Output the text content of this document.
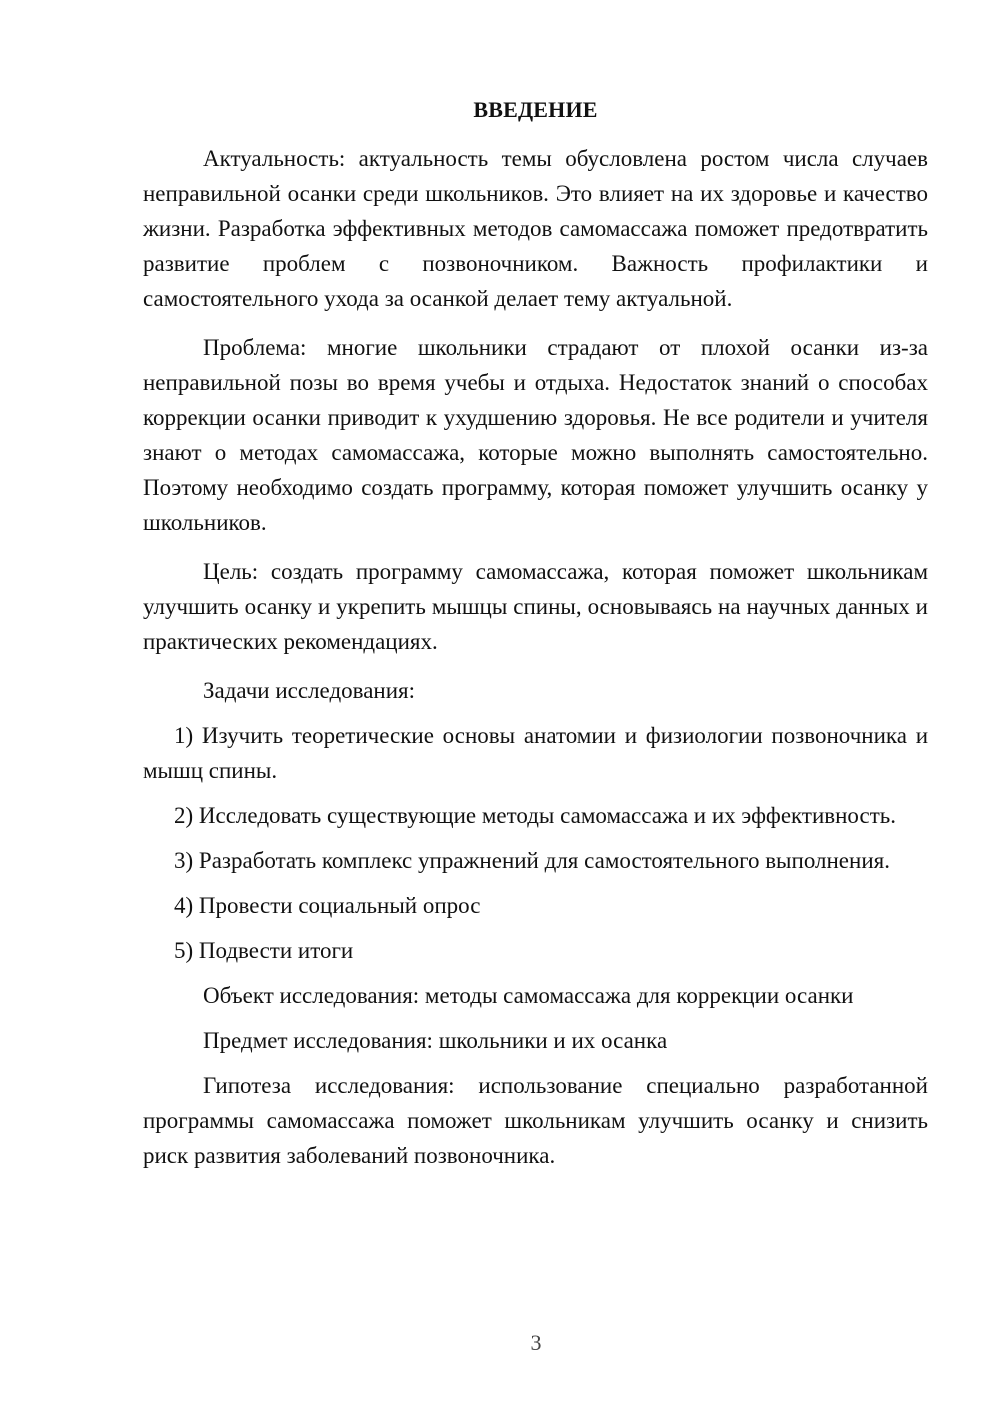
ВВЕДЕНИЕ

Актуальность: актуальность темы обусловлена ростом числа случаев неправильной осанки среди школьников. Это влияет на их здоровье и качество жизни. Разработка эффективных методов самомассажа поможет предотвратить развитие проблем с позвоночником. Важность профилактики и самостоятельного ухода за осанкой делает тему актуальной.

Проблема: многие школьники страдают от плохой осанки из-за неправильной позы во время учебы и отдыха. Недостаток знаний о способах коррекции осанки приводит к ухудшению здоровья. Не все родители и учителя знают о методах самомассажа, которые можно выполнять самостоятельно. Поэтому необходимо создать программу, которая поможет улучшить осанку у школьников.

Цель: создать программу самомассажа, которая поможет школьникам улучшить осанку и укрепить мышцы спины, основываясь на научных данных и практических рекомендациях.

Задачи исследования:

1) Изучить теоретические основы анатомии и физиологии позвоночника и мышц спины.

2) Исследовать существующие методы самомассажа и их эффективность.

3) Разработать комплекс упражнений для самостоятельного выполнения.

4) Провести социальный опрос

5) Подвести итоги

Объект исследования: методы самомассажа для коррекции осанки

Предмет исследования: школьники и их осанка

Гипотеза исследования: использование специально разработанной программы самомассажа поможет школьникам улучшить осанку и снизить риск развития заболеваний позвоночника.

3
